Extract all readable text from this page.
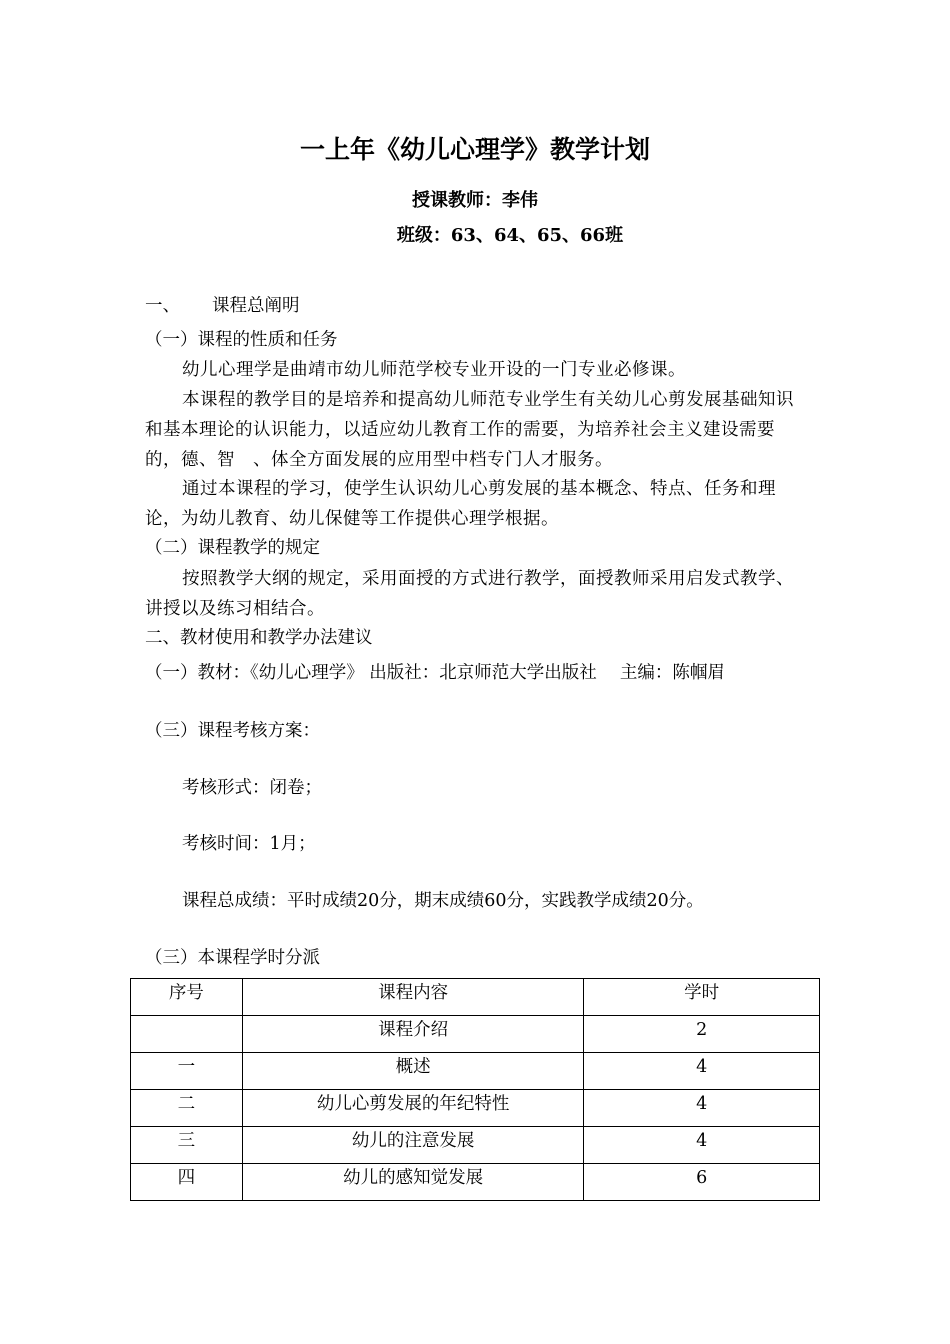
一上年《幼儿心理学》教学计划
授课教师：李伟
班级：63、64、65、66班
一、 课程总阐明
（一）课程的性质和任务
幼儿心理学是曲靖市幼儿师范学校专业开设的一门专业必修课。
本课程的教学目的是培养和提高幼儿师范专业学生有关幼儿心剪发展基础知识和基本理论的认识能力，以适应幼儿教育工作的需要，为培养社会主义建设需要的，德、智　、体全方面发展的应用型中档专门人才服务。
通过本课程的学习，使学生认识幼儿心剪发展的基本概念、特点、任务和理论，为幼儿教育、幼儿保健等工作提供心理学根据。
（二）课程教学的规定
按照教学大纲的规定，采用面授的方式进行教学，面授教师采用启发式教学、讲授以及练习相结合。
二、教材使用和教学办法建议
（一）教材：《幼儿心理学》 出版社：北京师范大学出版社　 主编：陈帼眉
（三）课程考核方案：
考核形式：闭卷；
考核时间：1月；
课程总成绩：平时成绩20分，期末成绩60分，实践教学成绩20分。
（三）本课程学时分派
序号	课程内容	学时
	课程介绍	2
一	概述	4
二	幼儿心剪发展的年纪特性	4
三	幼儿的注意发展	4
四	幼儿的感知觉发展	6
